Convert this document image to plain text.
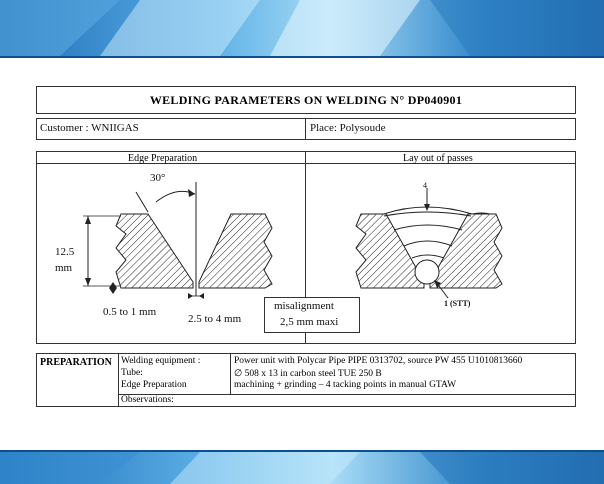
WELDING PARAMETERS ON WELDING N° DP040901
Customer : WNIIGAS	Place: Polysoude
Edge Preparation	Lay out of passes
30°
12.5
mm
0.5 to 1 mm
2.5 to 4 mm
misalignment
2,5 mm maxi
4
1 (STT)
PREPARATION Welding equipment :	Power unit with Polycar Pipe PIPE 0313702, source PW 455 U1010813660
Tube:	∅ 508 x 13 in carbon steel TUE 250 B
Edge Preparation	machining + grinding – 4 tacking points in manual GTAW
Observations:
